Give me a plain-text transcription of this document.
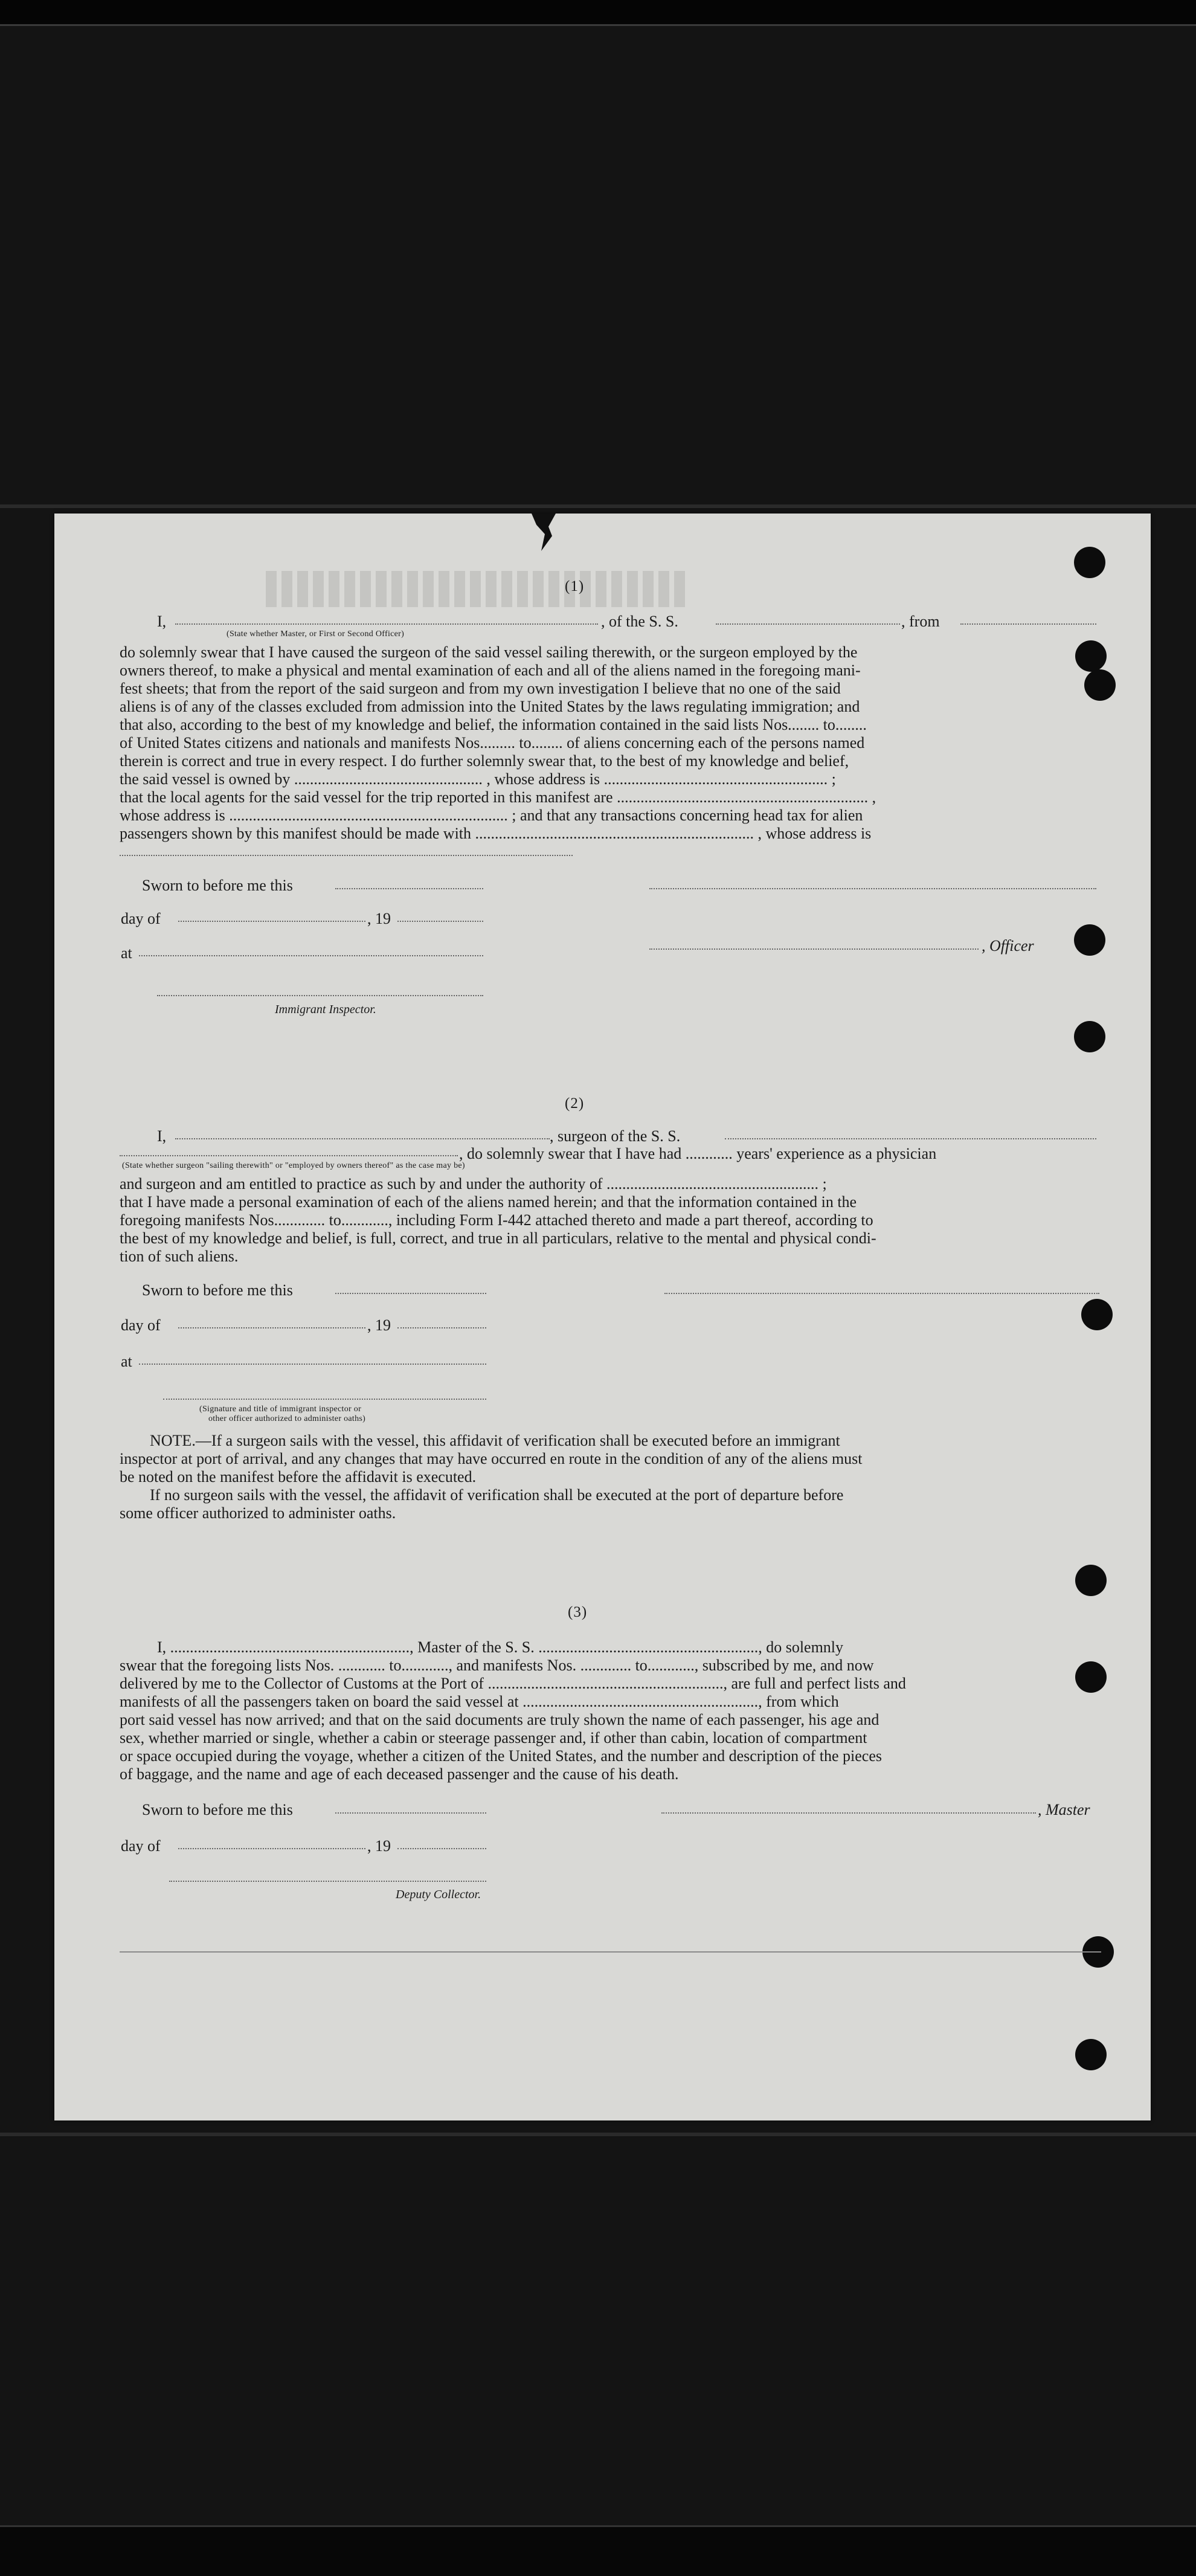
(1)
I,	, of the S. S.	, from
(State whether Master, or First or Second Officer)
do solemnly swear that I have caused the surgeon of the said vessel sailing therewith, or the surgeon employed by the
owners thereof, to make a physical and mental examination of each and all of the aliens named in the foregoing mani-
fest sheets; that from the report of the said surgeon and from my own investigation I believe that no one of the said
aliens is of any of the classes excluded from admission into the United States by the laws regulating immigration; and
that also, according to the best of my knowledge and belief, the information contained in the said lists Nos........ to........
of United States citizens and nationals and manifests Nos......... to........ of aliens concerning each of the persons named
therein is correct and true in every respect. I do further solemnly swear that, to the best of my knowledge and belief,
the said vessel is owned by ................................................ , whose address is ......................................................... ;
that the local agents for the said vessel for the trip reported in this manifest are ................................................................ ,
whose address is ....................................................................... ; and that any transactions concerning head tax for alien
passengers shown by this manifest should be made with ....................................................................... , whose address is
Sworn to before me this
day of	, 19
at	, Officer
Immigrant Inspector.
(2)
I,	, surgeon of the S. S.
, do solemnly swear that I have had ............ years' experience as a physician
(State whether surgeon "sailing therewith" or "employed by owners thereof" as the case may be)
and surgeon and am entitled to practice as such by and under the authority of ...................................................... ;
that I have made a personal examination of each of the aliens named herein; and that the information contained in the
foregoing manifests Nos............. to............, including Form I-442 attached thereto and made a part thereof, according to
the best of my knowledge and belief, is full, correct, and true in all particulars, relative to the mental and physical condi-
tion of such aliens.
Sworn to before me this
day of	, 19
at
(Signature and title of immigrant inspector or
other officer authorized to administer oaths)
NOTE.—If a surgeon sails with the vessel, this affidavit of verification shall be executed before an immigrant
inspector at port of arrival, and any changes that may have occurred en route in the condition of any of the aliens must
be noted on the manifest before the affidavit is executed.
If no surgeon sails with the vessel, the affidavit of verification shall be executed at the port of departure before
some officer authorized to administer oaths.
(3)
I, ............................................................., Master of the S. S. ........................................................, do solemnly
swear that the foregoing lists Nos. ............ to............, and manifests Nos. ............. to............, subscribed by me, and now
delivered by me to the Collector of Customs at the Port of ............................................................, are full and perfect lists and
manifests of all the passengers taken on board the said vessel at ............................................................, from which
port said vessel has now arrived; and that on the said documents are truly shown the name of each passenger, his age and
sex, whether married or single, whether a cabin or steerage passenger and, if other than cabin, location of compartment
or space occupied during the voyage, whether a citizen of the United States, and the number and description of the pieces
of baggage, and the name and age of each deceased passenger and the cause of his death.
Sworn to before me this	, Master
day of	, 19
Deputy Collector.
